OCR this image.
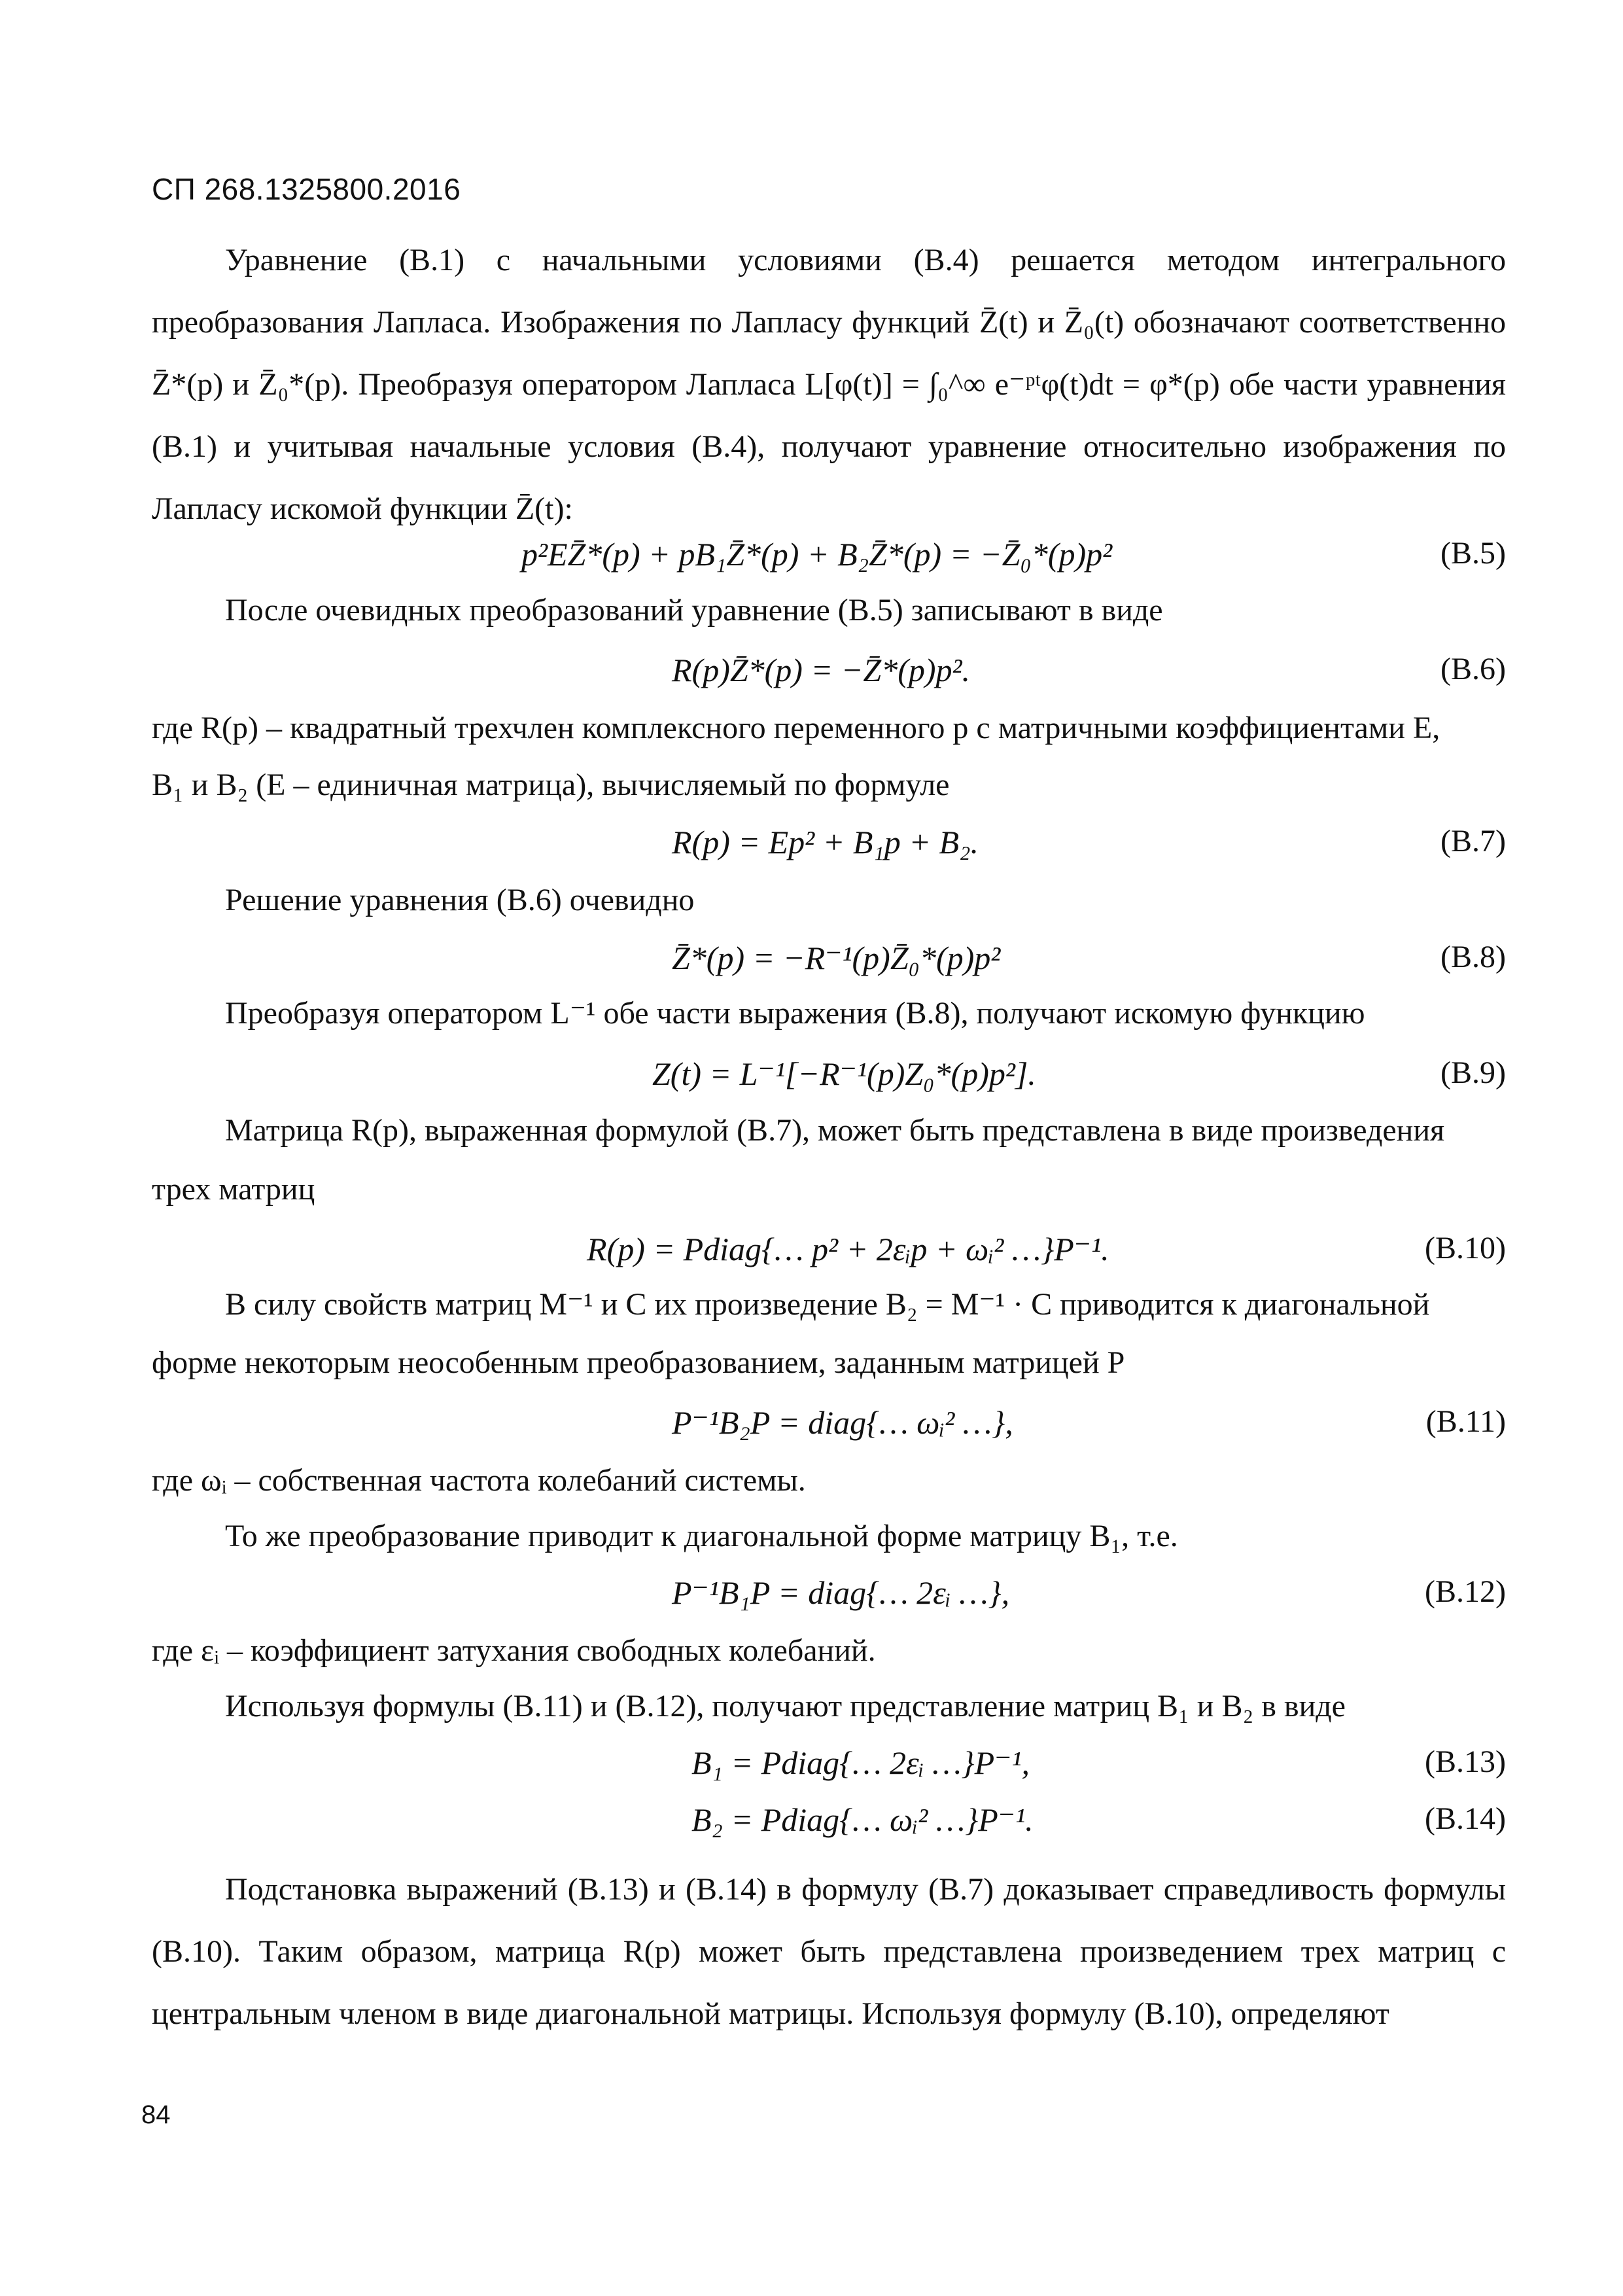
СП 268.1325800.2016
Уравнение (В.1) с начальными условиями (В.4) решается методом интегрального преобразования Лапласа. Изображения по Лапласу функций Z̄(t) и Z̄₀(t) обозначают соответственно Z̄*(p) и Z̄₀*(p). Преобразуя оператором Лапласа L[φ(t)] = ∫₀^∞ e⁻ᵖᵗφ(t)dt = φ*(p) обе части уравнения (В.1) и учитывая начальные условия (В.4), получают уравнение относительно изображения по Лапласу искомой функции Z̄(t):
p²EZ̄*(p) + pB₁Z̄*(p) + B₂Z̄*(p) = −Z̄₀*(p)p²	(В.5)
После очевидных преобразований уравнение (В.5) записывают в виде
R(p)Z̄*(p) = −Z̄*(p)p².	(В.6)
где R(p) – квадратный трехчлен комплексного переменного p с матричными коэффициентами E,
B₁ и B₂ (E – единичная матрица), вычисляемый по формуле
R(p) = Ep² + B₁p + B₂.	(В.7)
Решение уравнения (В.6) очевидно
Z̄*(p) = −R⁻¹(p)Z̄₀*(p)p²	(В.8)
Преобразуя оператором L⁻¹ обе части выражения (В.8), получают искомую функцию
Z(t) = L⁻¹[−R⁻¹(p)Z₀*(p)p²].	(В.9)
Матрица R(p), выраженная формулой (В.7), может быть представлена в виде произведения
трех матриц
R(p) = Pdiag{… p² + 2εᵢp + ωᵢ² …}P⁻¹.	(В.10)
В силу свойств матриц M⁻¹ и C их произведение B₂ = M⁻¹ · C приводится к диагональной
форме некоторым неособенным преобразованием, заданным матрицей P
P⁻¹B₂P = diag{… ωᵢ² …},	(В.11)
где ωᵢ – собственная частота колебаний системы.
То же преобразование приводит к диагональной форме матрицу B₁, т.е.
P⁻¹B₁P = diag{… 2εᵢ …},	(В.12)
где εᵢ – коэффициент затухания свободных колебаний.
Используя формулы (В.11) и (В.12), получают представление матриц B₁ и B₂ в виде
B₁ = Pdiag{… 2εᵢ …}P⁻¹,	(В.13)
B₂ = Pdiag{… ωᵢ² …}P⁻¹.	(В.14)
Подстановка выражений (В.13) и (В.14) в формулу (В.7) доказывает справедливость формулы (В.10). Таким образом, матрица R(p) может быть представлена произведением трех матриц с центральным членом в виде диагональной матрицы. Используя формулу (В.10), определяют
84
